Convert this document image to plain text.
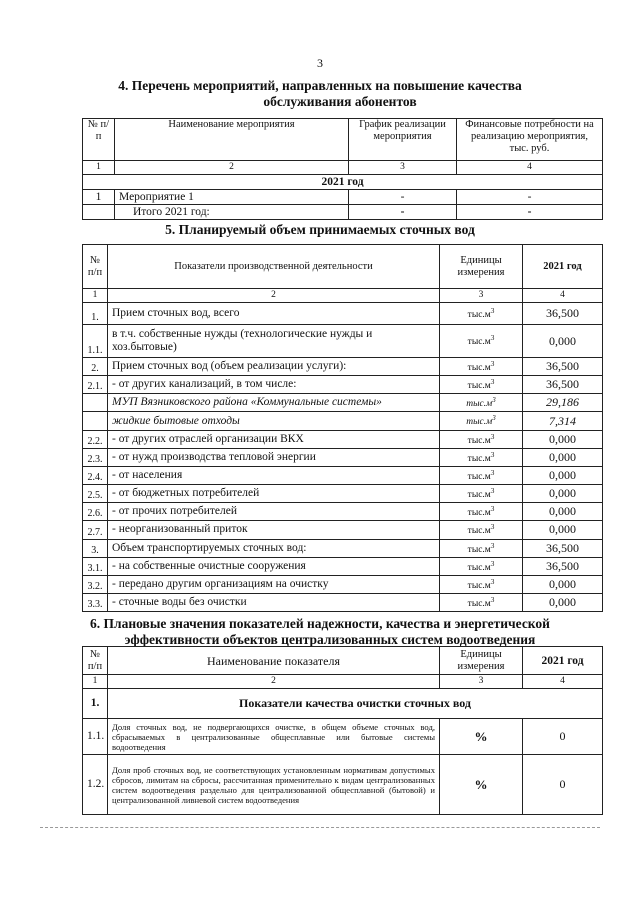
3
4. Перечень мероприятий, направленных на повышение качества
обслуживания абонентов
№ п/п	Наименование мероприятия	График реализации мероприятия	Финансовые потребности на реализацию мероприятия, тыс. руб.
1	2	3	4
2021 год			
1	Мероприятие 1	-	-
	Итого 2021 год:	-	-
5. Планируемый объем принимаемых сточных вод
№ п/п	Показатели производственной деятельности	Единицы измерения	2021 год
1	2	3	4
1.	Прием сточных вод, всего	$тыс.м^3$	36,500
1.1.	в т.ч. собственные нужды (технологические нужды и хоз.бытовые)	$тыс.м^3$	0,000
2.	Прием сточных вод (объем реализации услуги):	$тыс.м^3$	36,500
2.1.	- от других канализаций, в том числе:	$тыс.м^3$	36,500
	МУП Вязниковского района «Коммунальные системы»	$тыс.м^3$	29,186
	жидкие бытовые отходы	$тыс.м^3$	7,314
2.2.	- от других отраслей организации ВКХ	$тыс.м^3$	0,000
2.3.	- от нужд производства тепловой энергии	$тыс.м^3$	0,000
2.4.	- от населения	$тыс.м^3$	0,000
2.5.	- от бюджетных потребителей	$тыс.м^3$	0,000
2.6.	- от прочих потребителей	$тыс.м^3$	0,000
2.7.	- неорганизованный приток	$тыс.м^3$	0,000
3.	Объем транспортируемых сточных вод:	$тыс.м^3$	36,500
3.1.	- на собственные очистные сооружения	$тыс.м^3$	36,500
3.2.	- передано другим организациям на очистку	$тыс.м^3$	0,000
3.3.	- сточные воды без очистки	$тыс.м^3$	0,000
6. Плановые значения показателей надежности, качества и энергетической
эффективности объектов централизованных систем водоотведения
№ п/п	Наименование показателя	Единицы измерения	2021 год
1	2	3	4
1.	Показатели качества очистки сточных вод		
1.1.	Доля сточных вод, не подвергающихся очистке, в общем объеме сточных вод, сбрасываемых в централизованные общесплавные или бытовые системы водоотведения	%	0
1.2.	Доля проб сточных вод, не соответствующих установленным нормативам допустимых сбросов, лимитам на сбросы, рассчитанная применительно к видам централизованных систем водоотведения раздельно для централизованной общесплавной (бытовой) и централизованной ливневой систем водоотведения	%	0
